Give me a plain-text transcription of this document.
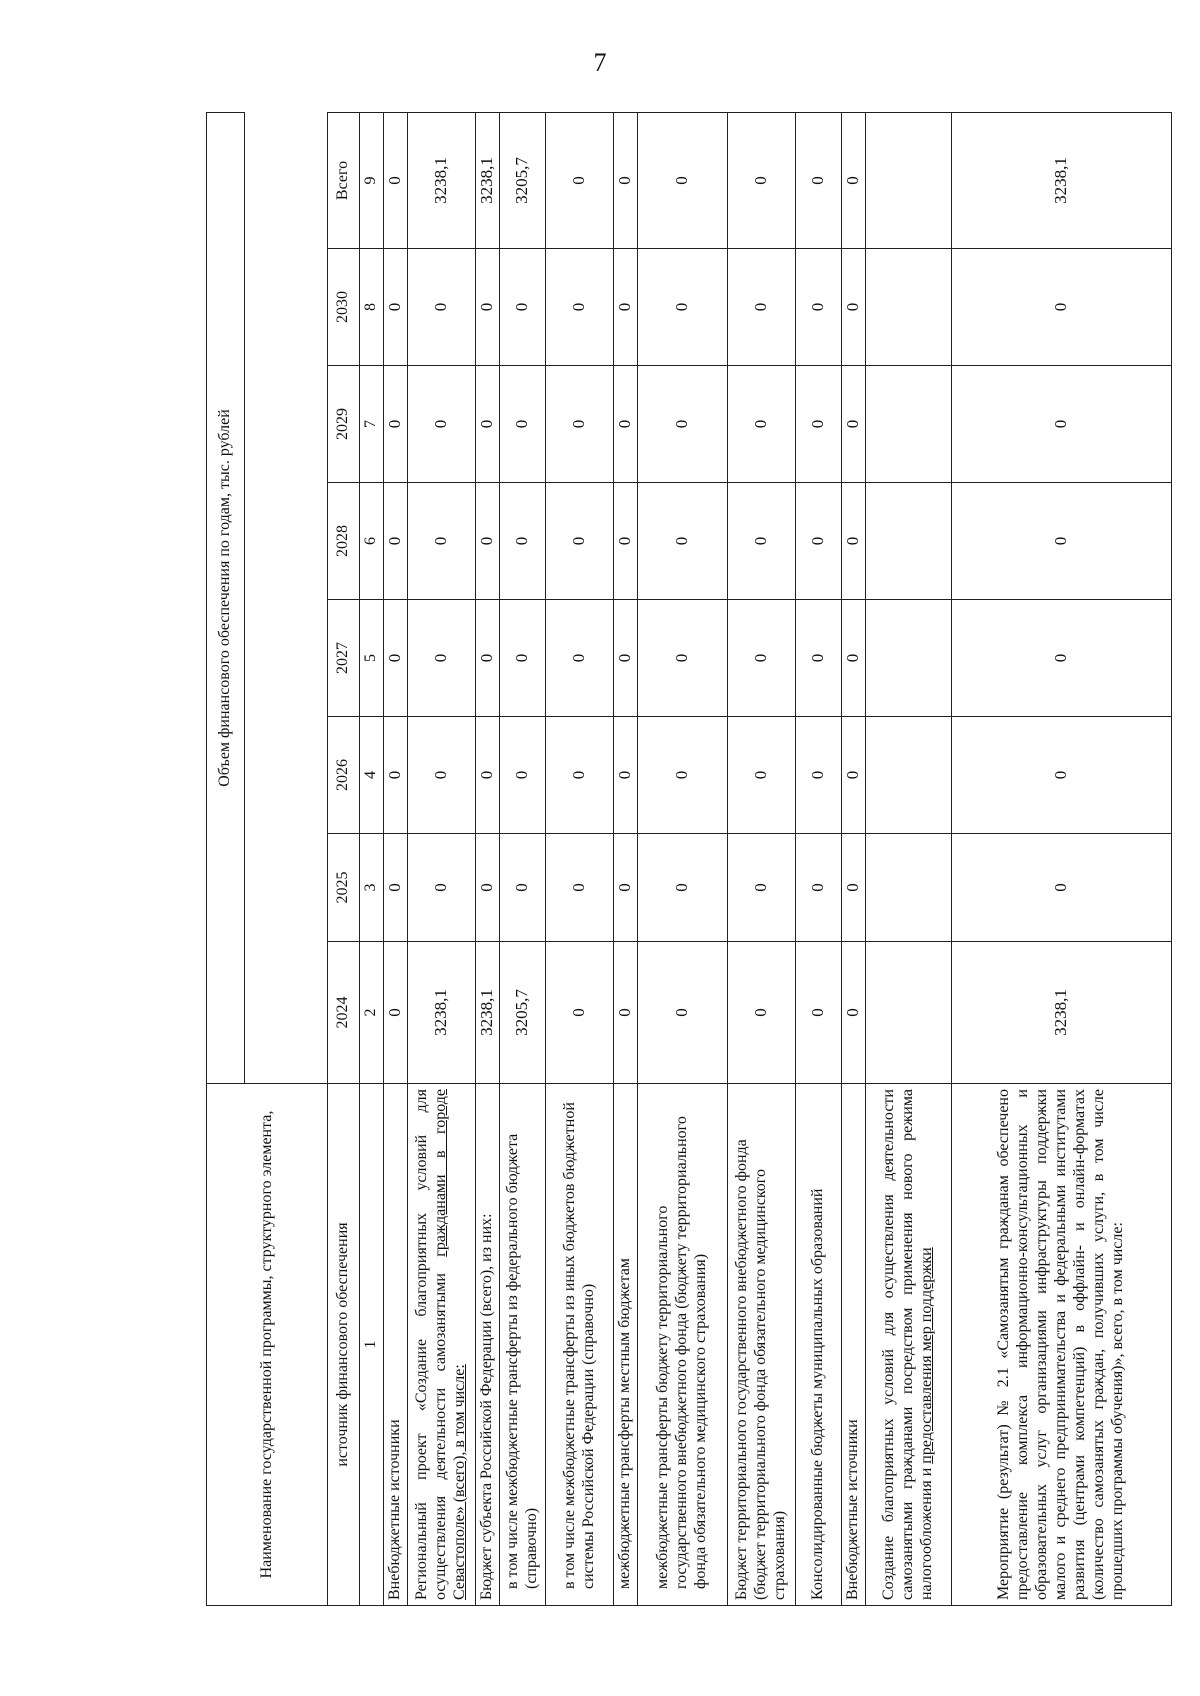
7
Наименование государственной программы, структурного элемента,	Объем финансового обеспечения по годам, тыс. рублей							

источник финансового обеспечения	2024	2025	2026	2027	2028	2029	2030	Всего
1	2	3	4	5	6	7	8	9
Внебюджетные источники	0	0	0	0	0	0	0	0
Региональный проект «Создание благоприятных условий для осуществления деятельности самозанятыми гражданами в городе Севастополе» (всего), в том числе:	3238,1	0	0	0	0	0	0	3238,1
Бюджет субъекта Российской Федерации (всего), из них:	3238,1	0	0	0	0	0	0	3238,1
в том числе межбюджетные трансферты из федерального бюджета (справочно)	3205,7	0	0	0	0	0	0	3205,7
в том числе межбюджетные трансферты из иных бюджетов бюджетной системы Российской Федерации (справочно)	0	0	0	0	0	0	0	0
межбюджетные трансферты местным бюджетам	0	0	0	0	0	0	0	0
межбюджетные трансферты бюджету территориального государственного внебюджетного фонда (бюджету территориального фонда обязательного медицинского страхования)	0	0	0	0	0	0	0	0
Бюджет территориального государственного внебюджетного фонда (бюджет территориального фонда обязательного медицинского страхования)	0	0	0	0	0	0	0	0
Консолидированные бюджеты муниципальных образований	0	0	0	0	0	0	0	0
Внебюджетные источники	0	0	0	0	0	0	0	0
Создание благоприятных условий для осуществления деятельности самозанятыми гражданами посредством применения нового режима налогообложения и предоставления мер поддержки								
Мероприятие (результат) № 2.1 «Самозанятым гражданам обеспечено предоставление комплекса информационно-консультационных и образовательных услуг организациями инфраструктуры поддержки малого и среднего предпринимательства и федеральными институтами развития (центрами компетенций) в оффлайн- и онлайн-форматах (количество самозанятых граждан, получивших услуги, в том числе прошедших программы обучения)», всего, в том числе:	3238,1	0	0	0	0	0	0	3238,1
